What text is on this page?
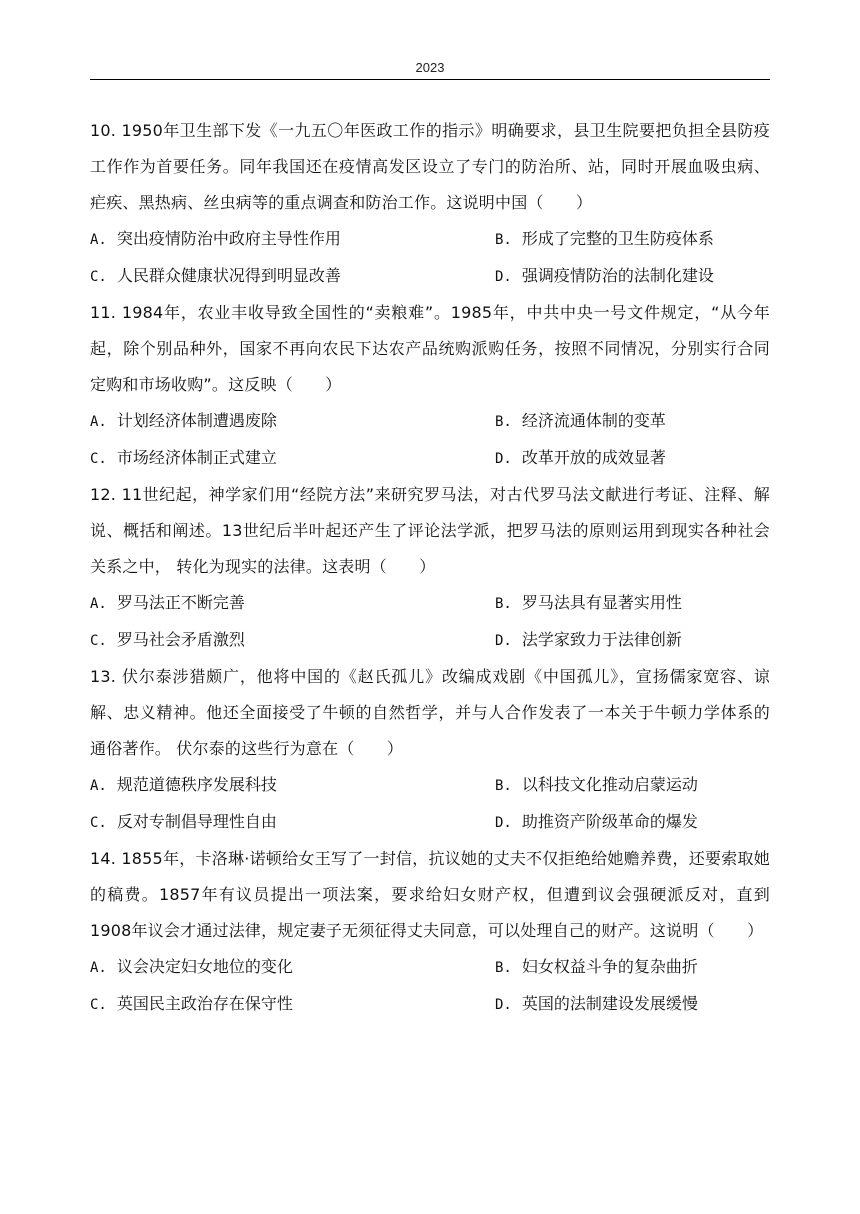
2023

10. 1950年卫生部下发《一九五〇年医政工作的指示》明确要求，县卫生院要把负担全县防疫工作作为首要任务。同年我国还在疫情高发区设立了专门的防治所、站，同时开展血吸虫病、疟疾、黑热病、丝虫病等的重点调查和防治工作。这说明中国（　　）

A. 突出疫情防治中政府主导性作用	B. 形成了完整的卫生防疫体系
C. 人民群众健康状况得到明显改善	D. 强调疫情防治的法制化建设

11. 1984年，农业丰收导致全国性的“卖粮难”。1985年，中共中央一号文件规定，“从今年起，除个别品种外，国家不再向农民下达农产品统购派购任务，按照不同情况，分别实行合同定购和市场收购”。这反映（　　）

A. 计划经济体制遭遇废除	B. 经济流通体制的变革
C. 市场经济体制正式建立	D. 改革开放的成效显著

12. 11世纪起，神学家们用“经院方法”来研究罗马法，对古代罗马法文献进行考证、注释、解说、概括和阐述。13世纪后半叶起还产生了评论法学派，把罗马法的原则运用到现实各种社会关系之中， 转化为现实的法律。这表明（　　）

A. 罗马法正不断完善	B. 罗马法具有显著实用性
C. 罗马社会矛盾激烈	D. 法学家致力于法律创新

13. 伏尔泰涉猎颇广，他将中国的《赵氏孤儿》改编成戏剧《中国孤儿》，宣扬儒家宽容、谅解、忠义精神。他还全面接受了牛顿的自然哲学，并与人合作发表了一本关于牛顿力学体系的通俗著作。 伏尔泰的这些行为意在（　　）

A. 规范道德秩序发展科技	B. 以科技文化推动启蒙运动
C. 反对专制倡导理性自由	D. 助推资产阶级革命的爆发

14. 1855年，卡洛琳·诺顿给女王写了一封信，抗议她的丈夫不仅拒绝给她赡养费，还要索取她的稿费。1857年有议员提出一项法案，要求给妇女财产权，但遭到议会强硬派反对，直到1908年议会才通过法律，规定妻子无须征得丈夫同意，可以处理自己的财产。这说明（　　）

A. 议会决定妇女地位的变化	B. 妇女权益斗争的复杂曲折
C. 英国民主政治存在保守性	D. 英国的法制建设发展缓慢
